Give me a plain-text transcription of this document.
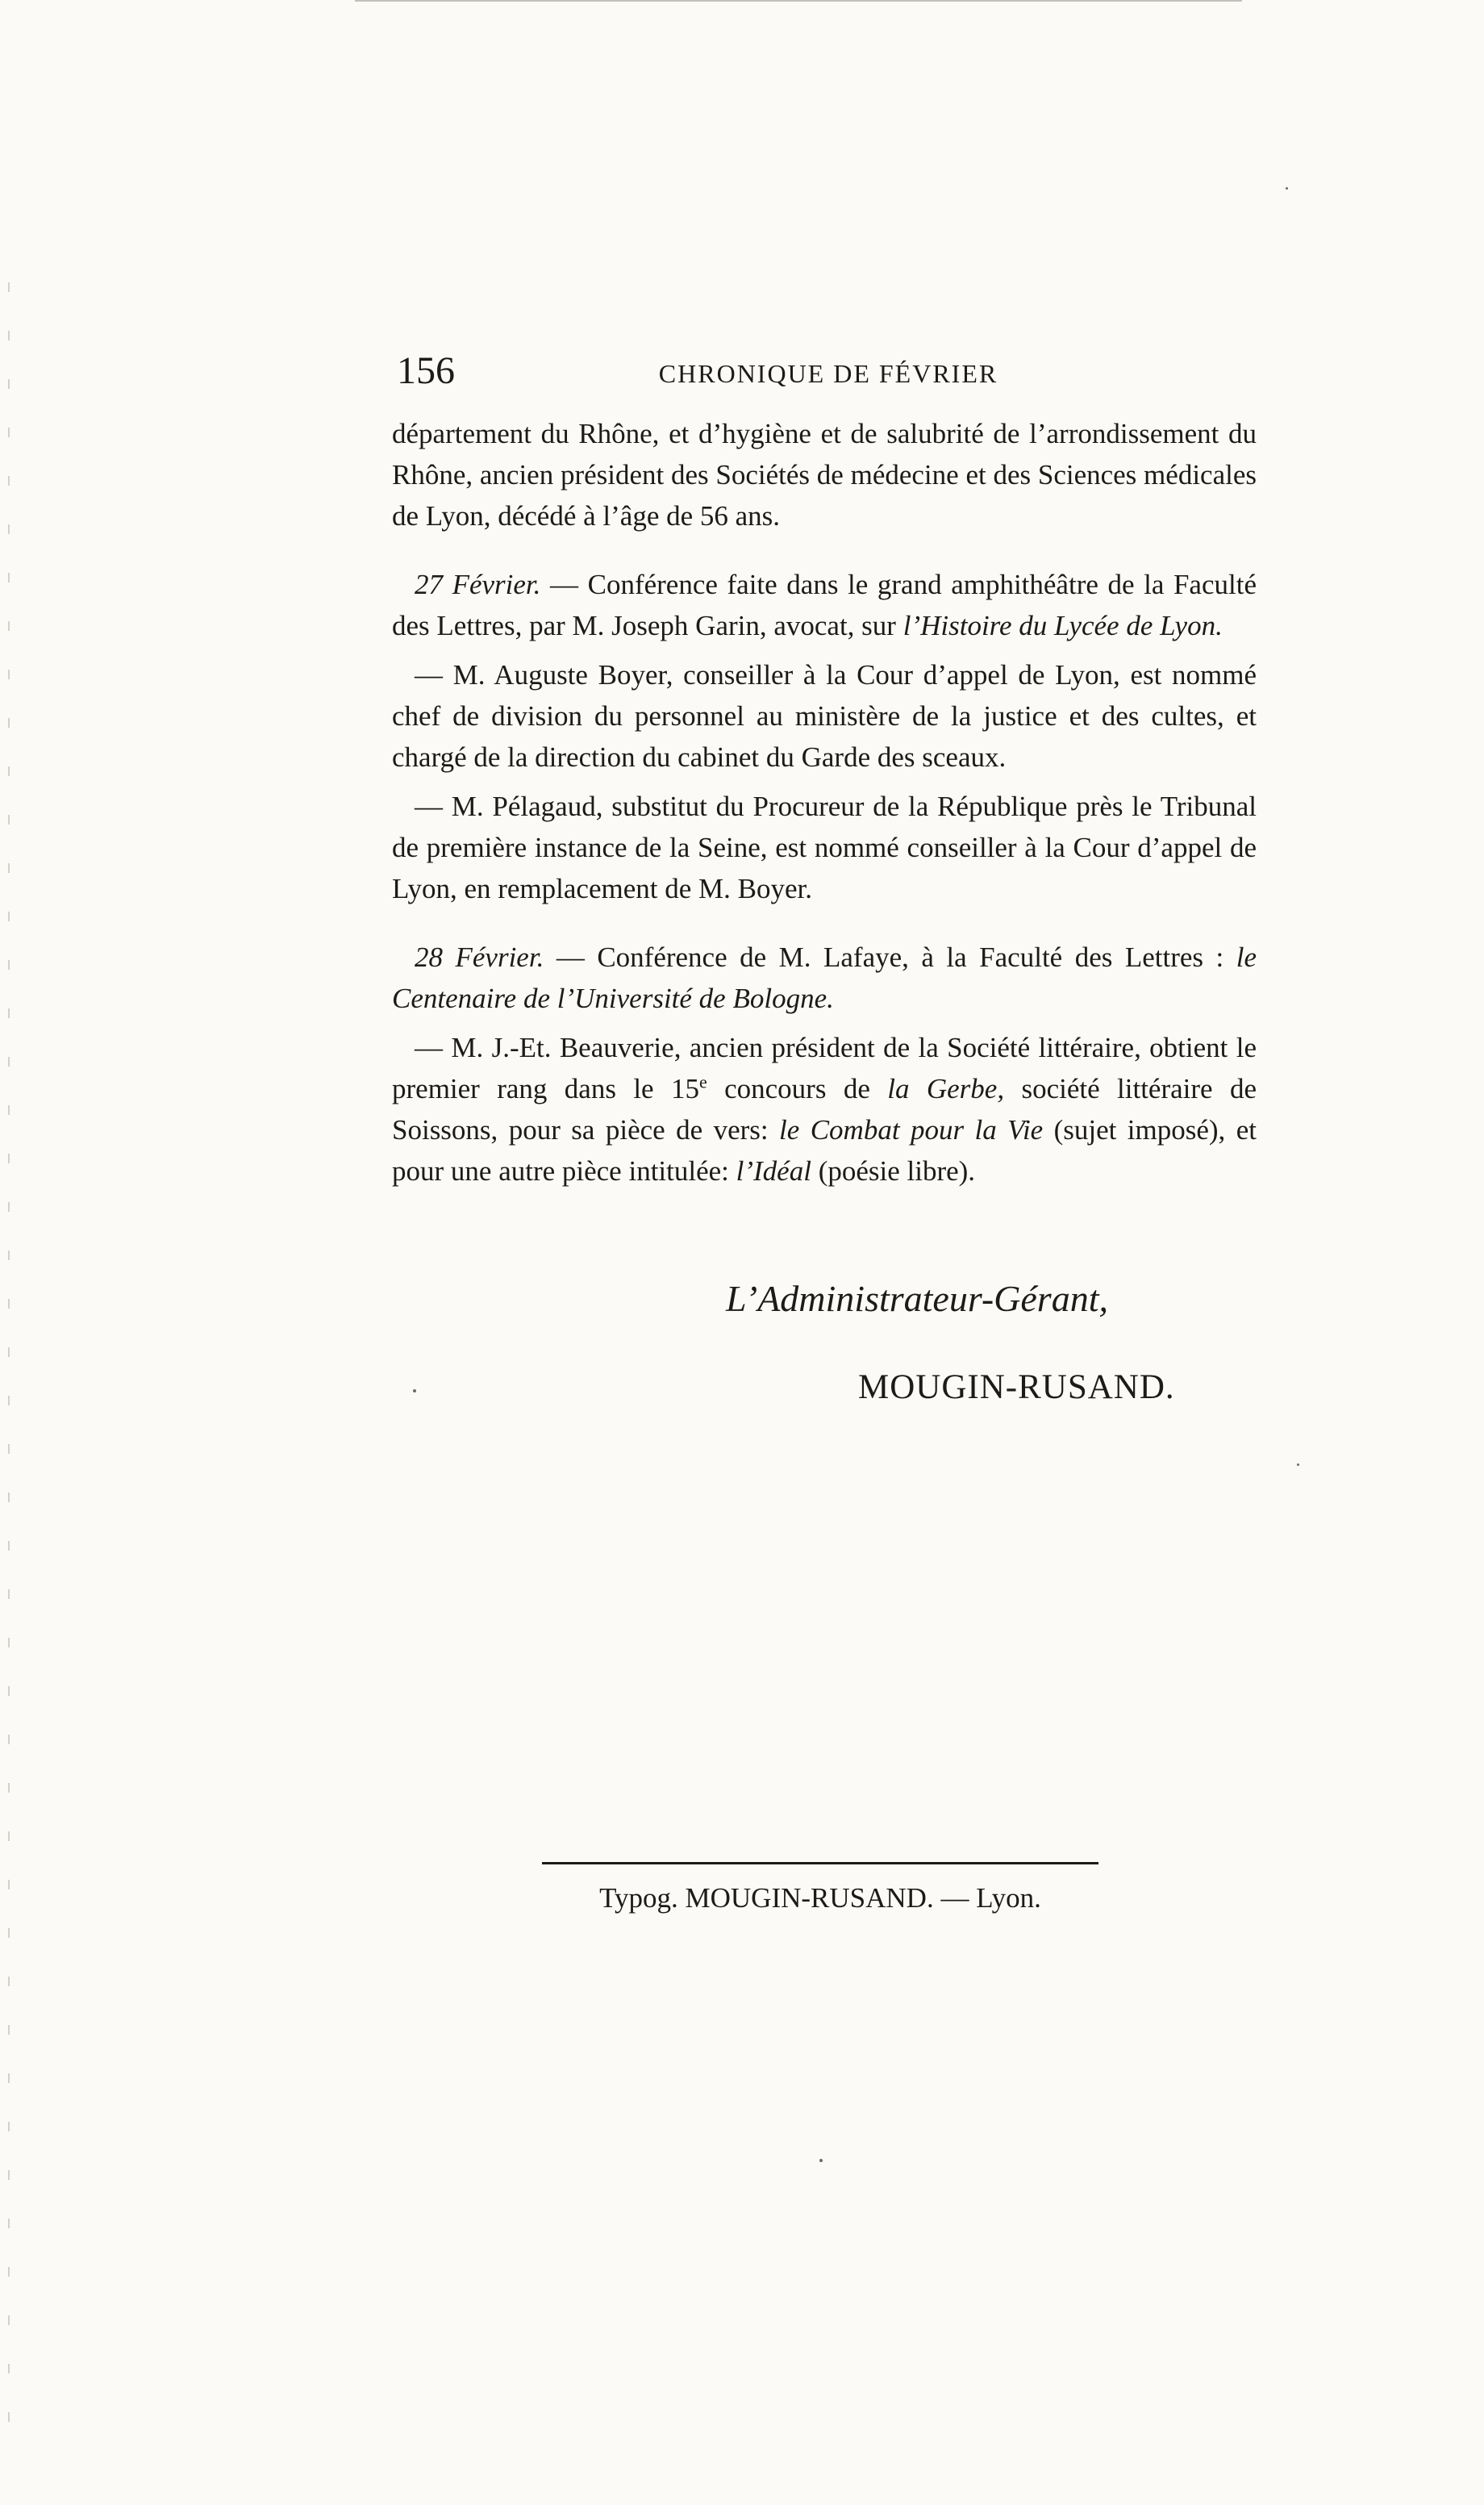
156	CHRONIQUE DE FÉVRIER

département du Rhône, et d’hygiène et de salubrité de l’arrondissement du Rhône, ancien président des Sociétés de médecine et des Sciences médicales de Lyon, décédé à l’âge de 56 ans.

27 Février. — Conférence faite dans le grand amphithéâtre de la Faculté des Lettres, par M. Joseph Garin, avocat, sur l’Histoire du Lycée de Lyon.

— M. Auguste Boyer, conseiller à la Cour d’appel de Lyon, est nommé chef de division du personnel au ministère de la justice et des cultes, et chargé de la direction du cabinet du Garde des sceaux.

— M. Pélagaud, substitut du Procureur de la République près le Tribunal de première instance de la Seine, est nommé conseiller à la Cour d’appel de Lyon, en remplacement de M. Boyer.

28 Février. — Conférence de M. Lafaye, à la Faculté des Lettres : le Centenaire de l’Université de Bologne.

— M. J.-Et. Beauverie, ancien président de la Société littéraire, obtient le premier rang dans le 15e concours de la Gerbe, société littéraire de Soissons, pour sa pièce de vers: le Combat pour la Vie (sujet imposé), et pour une autre pièce intitulée: l’Idéal (poésie libre).

L’Administrateur-Gérant,
MOUGIN-RUSAND.
Typog. MOUGIN-RUSAND. — Lyon.
